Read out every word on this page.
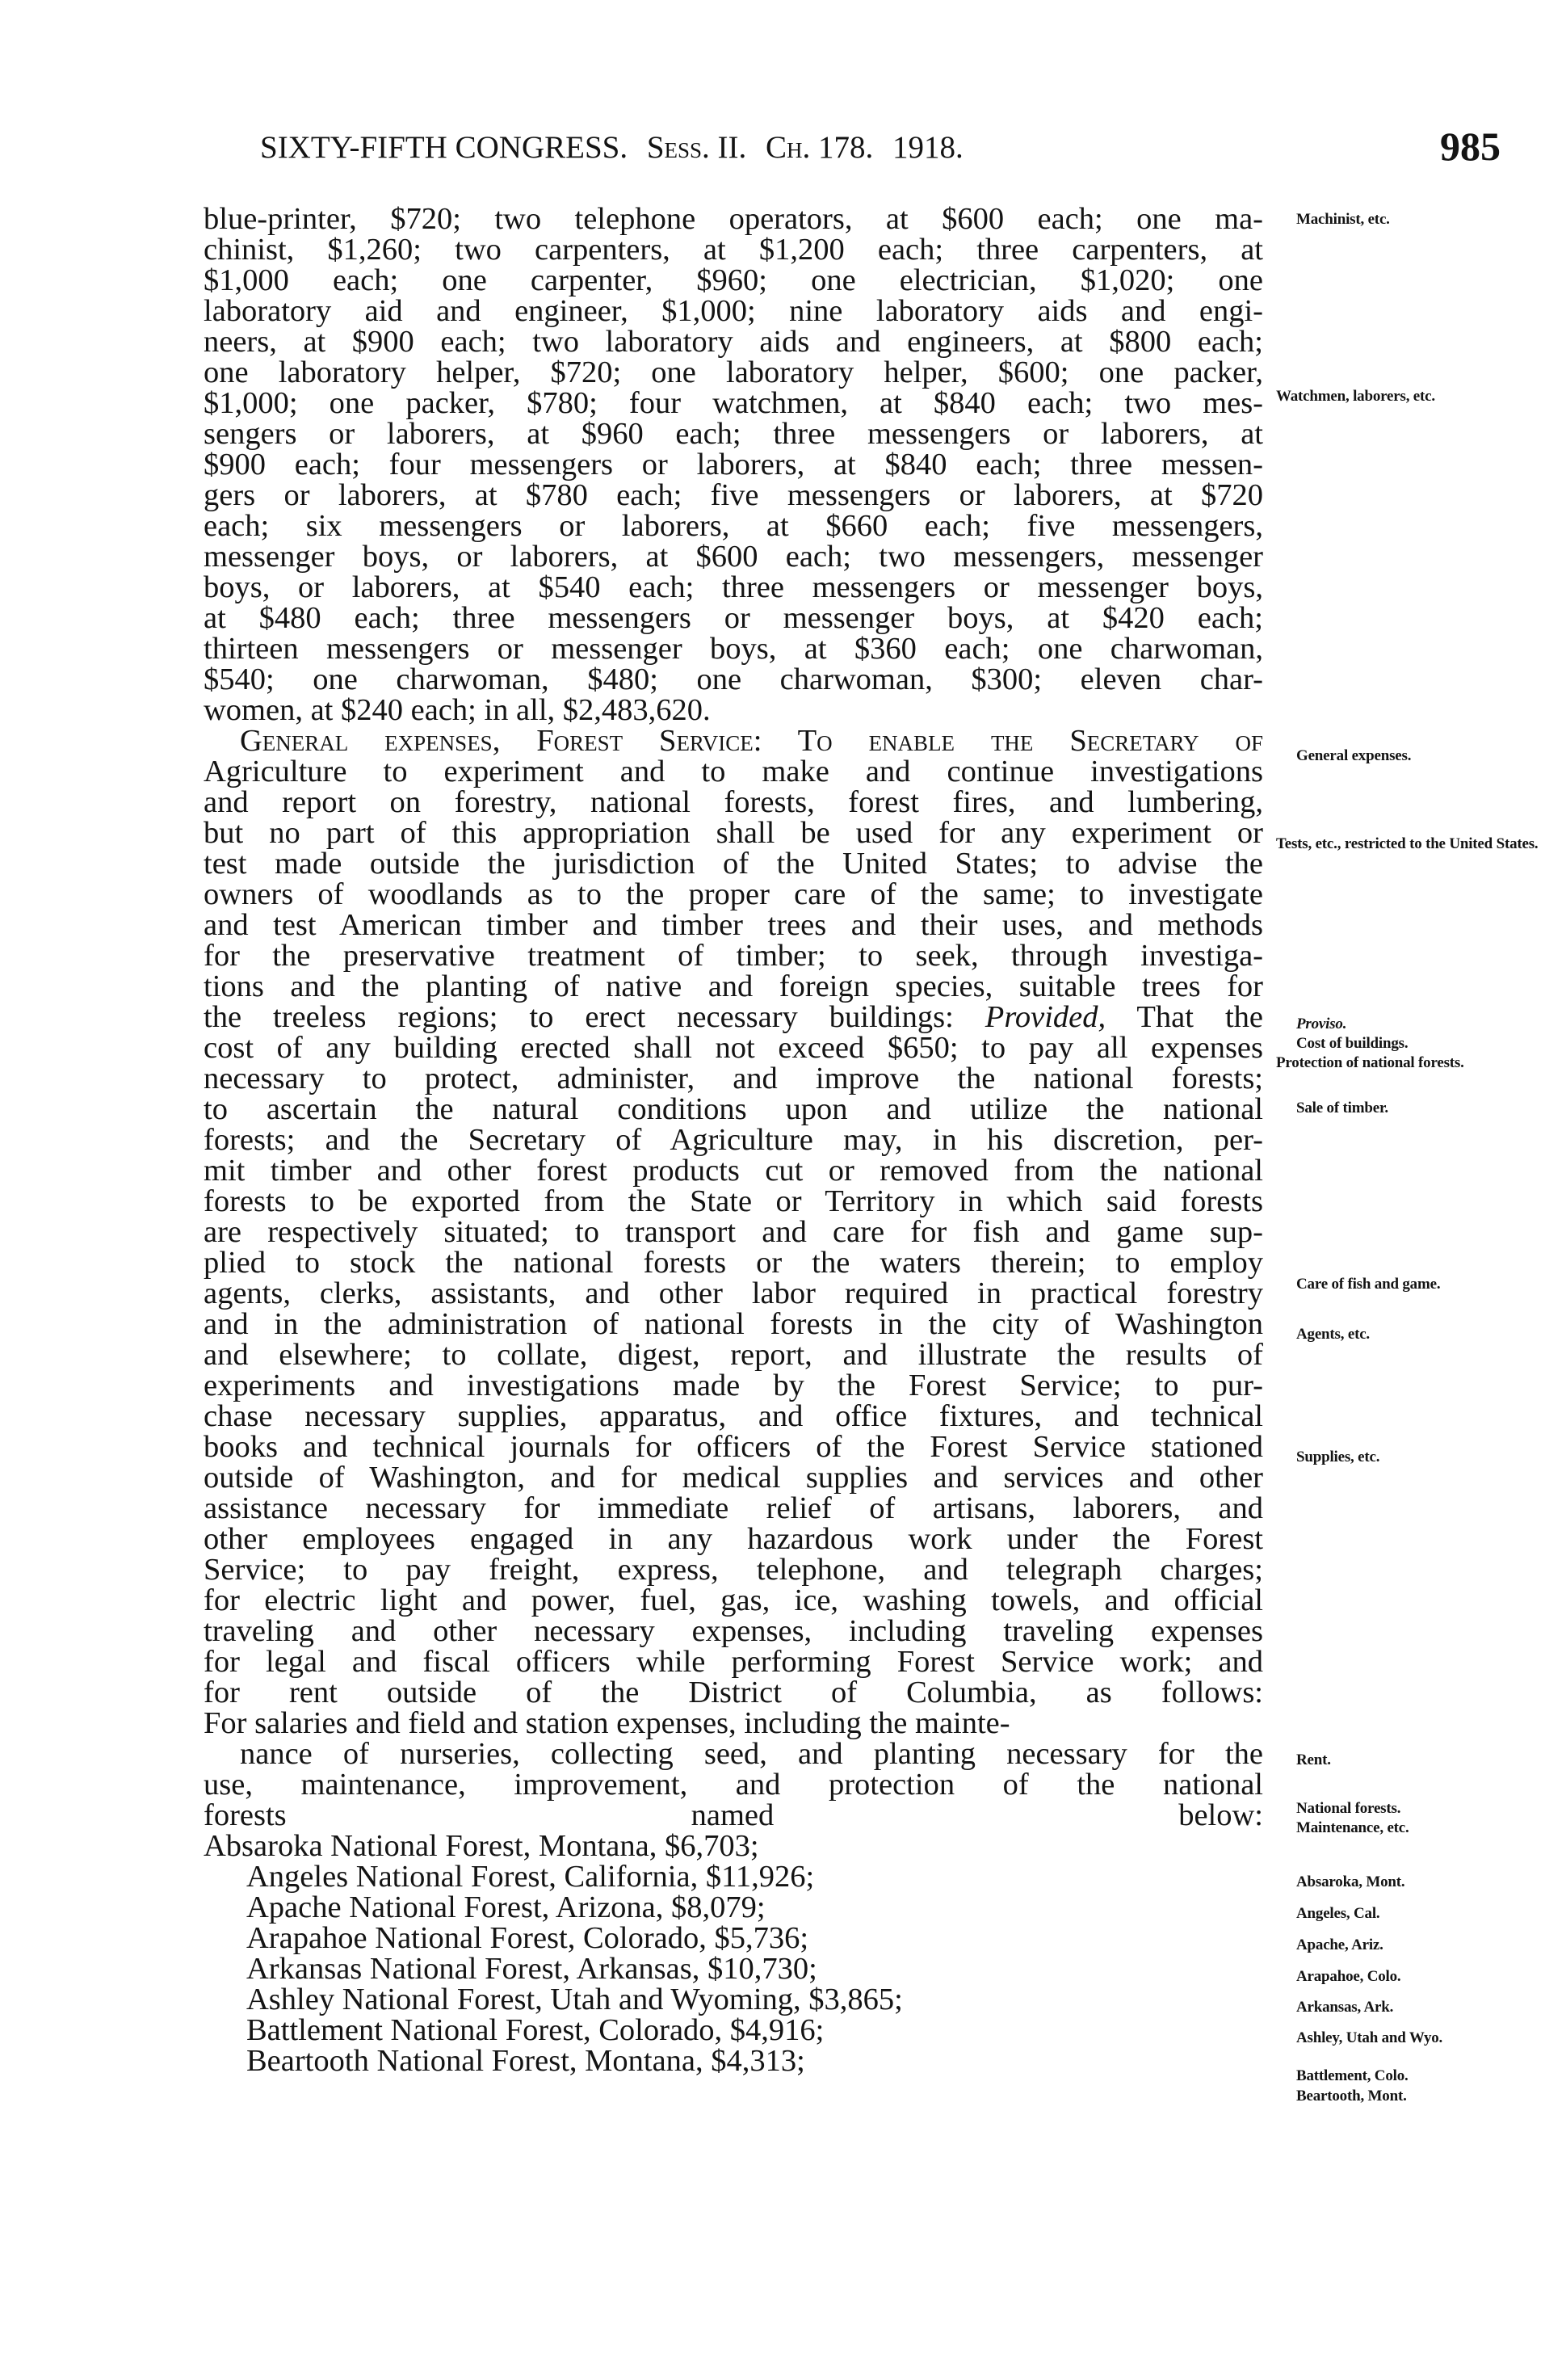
SIXTY-FIFTH CONGRESS. Sess. II. Ch. 178. 1918.	985
blue-printer, $720; two telephone operators, at $600 each; one ma-
chinist, $1,260; two carpenters, at $1,200 each; three carpenters, at
$1,000 each; one carpenter, $960; one electrician, $1,020; one
laboratory aid and engineer, $1,000; nine laboratory aids and engi-
neers, at $900 each; two laboratory aids and engineers, at $800 each;
one laboratory helper, $720; one laboratory helper, $600; one packer,
$1,000; one packer, $780; four watchmen, at $840 each; two mes-
sengers or laborers, at $960 each; three messengers or laborers, at
$900 each; four messengers or laborers, at $840 each; three messen-
gers or laborers, at $780 each; five messengers or laborers, at $720
each; six messengers or laborers, at $660 each; five messengers,
messenger boys, or laborers, at $600 each; two messengers, messenger
boys, or laborers, at $540 each; three messengers or messenger boys,
at $480 each; three messengers or messenger boys, at $420 each;
thirteen messengers or messenger boys, at $360 each; one charwoman,
$540; one charwoman, $480; one charwoman, $300; eleven char-
women, at $240 each; in all, $2,483,620.
General expenses, Forest Service: To enable the Secretary of
Agriculture to experiment and to make and continue investigations
and report on forestry, national forests, forest fires, and lumbering,
but no part of this appropriation shall be used for any experiment or
test made outside the jurisdiction of the United States; to advise the
owners of woodlands as to the proper care of the same; to investigate
and test American timber and timber trees and their uses, and methods
for the preservative treatment of timber; to seek, through investiga-
tions and the planting of native and foreign species, suitable trees for
the treeless regions; to erect necessary buildings: Provided, That the
cost of any building erected shall not exceed $650; to pay all expenses
necessary to protect, administer, and improve the national forests;
to ascertain the natural conditions upon and utilize the national
forests; and the Secretary of Agriculture may, in his discretion, per-
mit timber and other forest products cut or removed from the national
forests to be exported from the State or Territory in which said forests
are respectively situated; to transport and care for fish and game sup-
plied to stock the national forests or the waters therein; to employ
agents, clerks, assistants, and other labor required in practical forestry
and in the administration of national forests in the city of Washington
and elsewhere; to collate, digest, report, and illustrate the results of
experiments and investigations made by the Forest Service; to pur-
chase necessary supplies, apparatus, and office fixtures, and technical
books and technical journals for officers of the Forest Service stationed
outside of Washington, and for medical supplies and services and other
assistance necessary for immediate relief of artisans, laborers, and
other employees engaged in any hazardous work under the Forest
Service; to pay freight, express, telephone, and telegraph charges;
for electric light and power, fuel, gas, ice, washing towels, and official
traveling and other necessary expenses, including traveling expenses
for legal and fiscal officers while performing Forest Service work; and
for rent outside of the District of Columbia, as follows:
For salaries and field and station expenses, including the mainte-
nance of nurseries, collecting seed, and planting necessary for the
use, maintenance, improvement, and protection of the national
forests named below:
Absaroka National Forest, Montana, $6,703;
Angeles National Forest, California, $11,926;
Apache National Forest, Arizona, $8,079;
Arapahoe National Forest, Colorado, $5,736;
Arkansas National Forest, Arkansas, $10,730;
Ashley National Forest, Utah and Wyoming, $3,865;
Battlement National Forest, Colorado, $4,916;
Beartooth National Forest, Montana, $4,313;
Machinist, etc.
Watchmen, laborers, etc.
General expenses.
Tests, etc., restricted to the United States.
Proviso.
Cost of buildings.
Protection of national forests.
Sale of timber.
Care of fish and game.
Agents, etc.
Supplies, etc.
Rent.
National forests.
Maintenance, etc.
Absaroka, Mont.
Angeles, Cal.
Apache, Ariz.
Arapahoe, Colo.
Arkansas, Ark.
Ashley, Utah and Wyo.
Battlement, Colo.
Beartooth, Mont.
